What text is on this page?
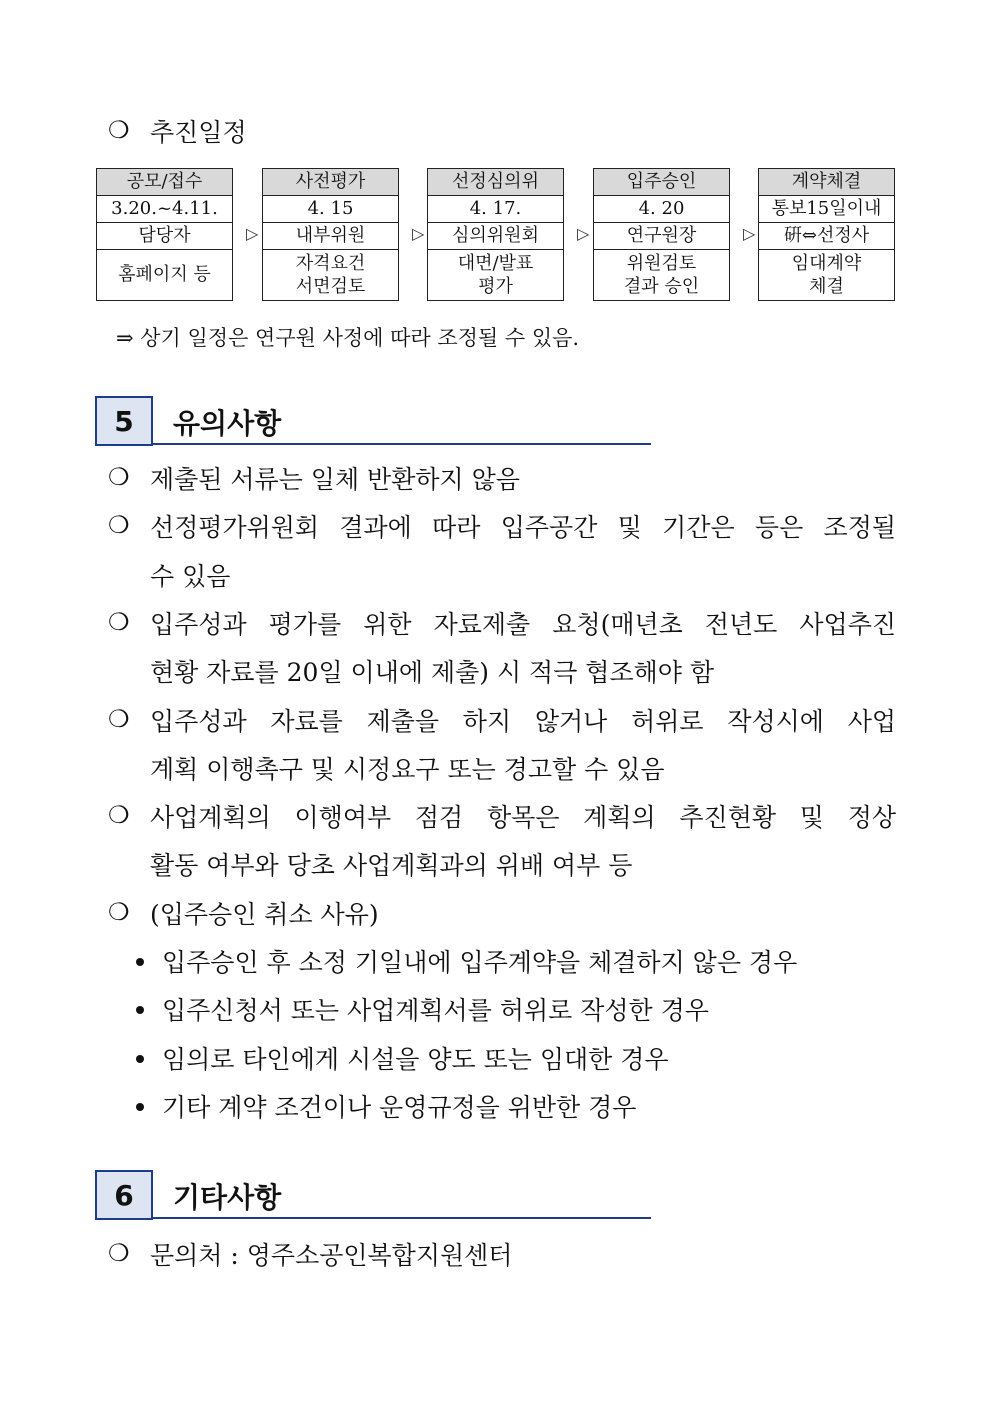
❍ 추진일정
공모/접수
3.20.~4.11.
담당자
홈페이지 등
▷
사전평가
4. 15
내부위원
자격요건
서면검토
▷
선정심의위
4. 17.
심의위원회
대면/발표
평가
▷
입주승인
4. 20
연구원장
위원검토
결과 승인
▷
계약체결
통보15일이내
硏⇔선정사
임대계약
체결
⇒ 상기 일정은 연구원 사정에 따라 조정될 수 있음.
5	유의사항
❍ 제출된 서류는 일체 반환하지 않음
❍ 선정평가위원회 결과에 따라 입주공간 및 기간은 등은 조정될
수 있음
❍ 입주성과 평가를 위한 자료제출 요청(매년초 전년도 사업추진
현황 자료를 20일 이내에 제출) 시 적극 협조해야 함
❍ 입주성과 자료를 제출을 하지 않거나 허위로 작성시에 사업
계획 이행촉구 및 시정요구 또는 경고할 수 있음
❍ 사업계획의 이행여부 점검 항목은 계획의 추진현황 및 정상
활동 여부와 당초 사업계획과의 위배 여부 등
❍ (입주승인 취소 사유)
입주승인 후 소정 기일내에 입주계약을 체결하지 않은 경우
입주신청서 또는 사업계획서를 허위로 작성한 경우
임의로 타인에게 시설을 양도 또는 임대한 경우
기타 계약 조건이나 운영규정을 위반한 경우
6	기타사항
❍ 문의처 : 영주소공인복합지원센터
